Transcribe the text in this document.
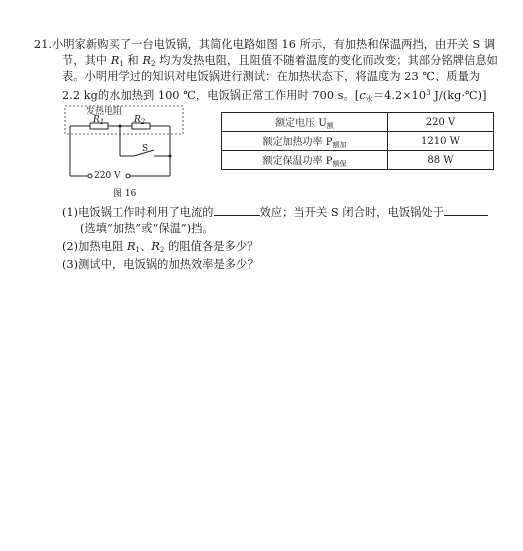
21.小明家新购买了一台电饭锅，其简化电路如图 16 所示，有加热和保温两挡，由开关 S 调
节，其中 $R_1$ 和 $R_2$ 均为发热电阻，且阻值不随着温度的变化而改变；其部分铭牌信息如
表。小明用学过的知识对电饭锅进行测试：在加热状态下，将温度为 23 ℃、质量为
2.2 kg的水加热到 100 ℃，电饭锅正常工作用时 700 s。[$c_水=4.2\times 10^3$ J/(kg·℃)]
发热电阻
$R_1$	$R_2$
S
220 V
图 16
额定电压 $U_额$	220 V
额定加热功率 $P_{额加}$	1210 W
额定保温功率 $P_{额保}$	88 W
(1)电饭锅工作时利用了电流的	效应；当开关 S 闭合时，电饭锅处于
(选填“加热”或“保温”)挡。
(2)加热电阻 $R_1$、$R_2$ 的阻值各是多少？
(3)测试中，电饭锅的加热效率是多少？
